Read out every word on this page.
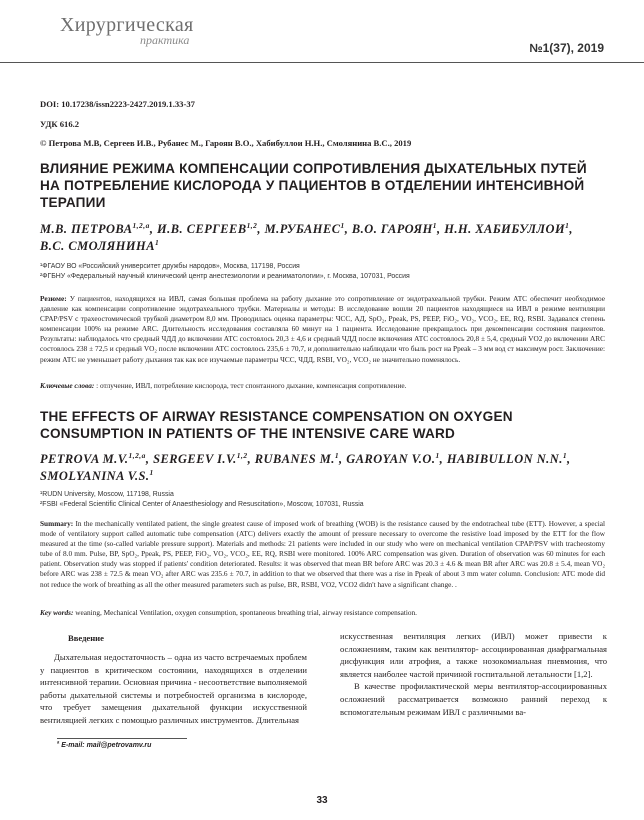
Хирургическая
практика
№1(37), 2019
DOI: 10.17238/issn2223-2427.2019.1.33-37
УДК 616.2
© Петрова М.В, Сергеев И.В., Рубанес М., Гароян В.О., Хабибуллои Н.Н., Смолянина В.С., 2019
ВЛИЯНИЕ РЕЖИМА КОМПЕНСАЦИИ СОПРОТИВЛЕНИЯ ДЫХАТЕЛЬНЫХ ПУТЕЙ НА ПОТРЕБЛЕНИЕ КИСЛОРОДА У ПАЦИЕНТОВ В ОТДЕЛЕНИИ ИНТЕНСИВНОЙ ТЕРАПИИ
М.В. ПЕТРОВА$^{1,2,a}$, И.В. СЕРГЕЕВ$^{1,2}$, М.РУБАНЕС$^1$, В.О. ГАРОЯН$^1$, Н.Н. ХАБИБУЛЛОИ$^1$, В.С. СМОЛЯНИНА$^1$
¹ФГАОУ ВО «Российский университет дружбы народов», Москва, 117198, Россия
²ФГБНУ «Федеральный научный клинический центр анестезиологии и реаниматологии», г. Москва, 107031, Россия
Резюме: У пациентов, находящихся на ИВЛ, самая большая проблема на работу дыхание это сопротивление от эндотрахеальной трубки. Режим АТС обеспечит необходимое давление как компенсации сопротивление эндотрахеального трубки. Материалы и методы: В исследование вошли 20 пациентов находящиеся на ИВЛ в режиме вентиляции CPAP/PSV с трахеостомической трубкой диаметром 8,0 мм. Проводилась оценка параметры: ЧСС, АД, SpO₂, Ppeak, PS, PEEP, FiO₂, VO₂, VCO₂, EE, RQ, RSBI. Задавался степень компенсации 100% на режиме ARC. Длительность исследования составляла 60 минут на 1 пациента. Исследование прекращалось при декомпенсации состояния пациентов. Результаты: наблюдалось что средный ЧДД до включении АТС состовлось 20,3 ± 4,6 и средный ЧДД после включения АТС состовлось 20,8 ± 5,4, средный VO2 до включении ARC состовлось 238 ± 72,5 и средный VO₂ после включении АТС состовлось 235,6 ± 70,7, и дополнительно наблюдали что быль рост на Ppeak – 3 мм вод ст максимум рост. Заключение: режим АТС не уменьшает работу дыхания так как все изучаемые параметры ЧСС, ЧДД, RSBI, VO₂, VCO₂ не значительно поменялось.
Ключевые слова: : отлучение, ИВЛ, потребление кислорода, тест спонтанного дыхание, компенсация сопротивление.
THE EFFECTS OF AIRWAY RESISTANCE COMPENSATION ON OXYGEN CONSUMPTION IN PATIENTS OF THE INTENSIVE CARE WARD
PETROVA M.V.$^{1,2,a}$, SERGEEV I.V.$^{1,2}$, RUBANES M.$^1$, GAROYAN V.O.$^1$, HABIBULLON N.N.$^1$, SMOLYANINA V.S.$^1$
¹RUDN University, Moscow, 117198, Russia
²FSBI «Federal Scientific Clinical Center of Anaesthesiology and Resuscitation», Moscow, 107031, Russia
Summary: In the mechanically ventilated patient, the single greatest cause of imposed work of breathing (WOB) is the resistance caused by the endotracheal tube (ETT). However, a special mode of ventilatory support called automatic tube compensation (ATC) delivers exactly the amount of pressure necessary to overcome the resistive load imposed by the ETT for the flow measured at the time (so-called variable pressure support). Materials and methods: 21 patients were included in our study who were on mechanical ventilation CPAP/PSV with tracheostomy tube of 8.0 mm. Pulse, BP, SpO₂, Ppeak, PS, PEEP, FiO₂, VO₂, VCO₂, EE, RQ, RSBI were monitored. 100% ARC compensation was given. Duration of observation was 60 minutes for each patient. Observation study was stopped if patients' condition deteriorated. Results: it was observed that mean BR before ARC was 20.3 ± 4.6 & mean BR after ARC was 20.8 ± 5.4, mean VO₂ before ARC was 238 ± 72.5 & mean VO₂ after ARC was 235.6 ± 70.7, in addition to that we observed that there was a rise in Ppeak of about 3 mm water column. Conclusion: ATC mode did not reduce the work of breathing as all the other measured parameters such as pulse, BR, RSBI, VO2, VCO2 didn't have a significant change. .
Key words: weaning, Mechanical Ventilation, oxygen consumption, spontaneous breathing trial, airway resistance compensation.
Введение

Дыхательная недостаточность – одна из часто встречаемых проблем у пациентов в критическом состоянии, находящихся в отделении интенсивной терапии. Основная причина - несоответствие выполняемой работы дыхательной системы и потребностей организма в кислороде, что требует замещения дыхательной функции искусственной вентиляцией легких с помощью различных инструментов. Длительная

искусственная вентиляция легких (ИВЛ) может привести к осложнениям, таким как вентилятор- ассоциированная диафрагмальная дисфункция или атрофия, а также нозокомиальная пневмония, что является наиболее частой причиной госпитальной летальности [1,2].

В качестве профилактической меры вентилятор-ассоциированных осложнений рассматривается возможно ранний переход к вспомогательным режимам ИВЛ с различными ва-

$^a$ E-mail: mail@petrovamv.ru
33
